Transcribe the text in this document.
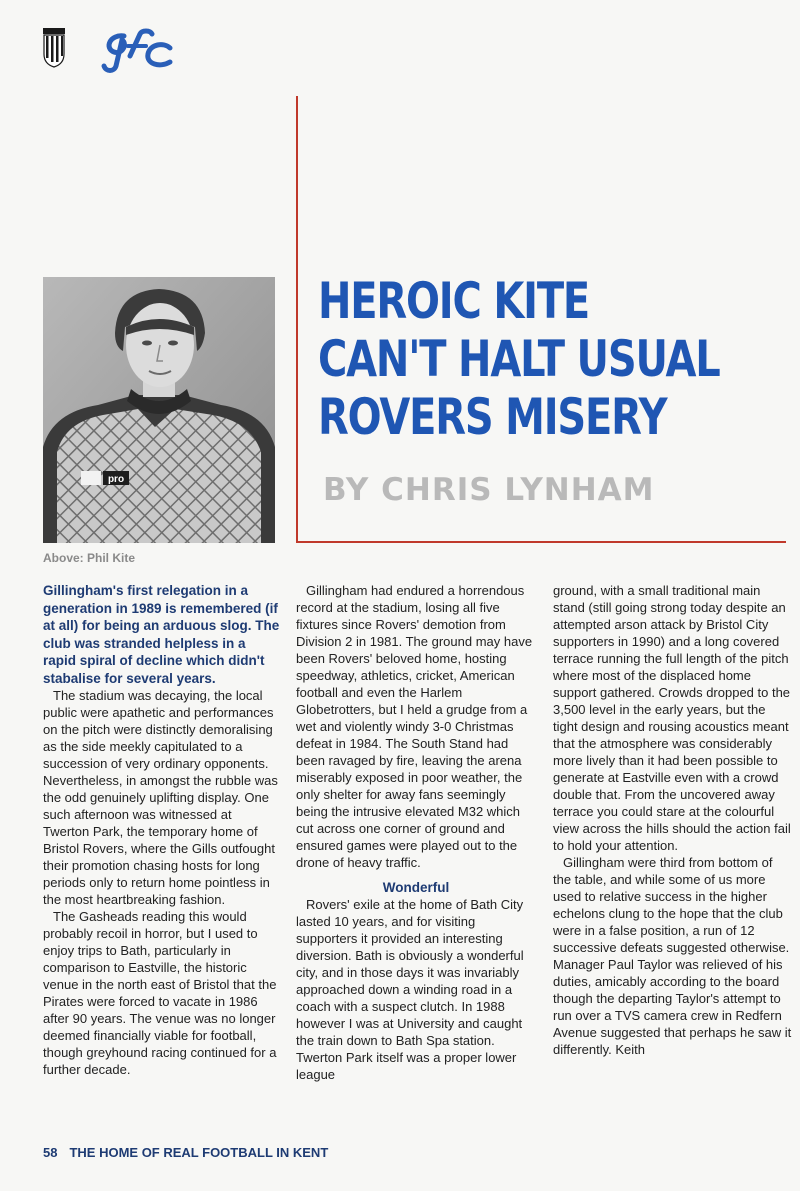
HEROIC KITE
CAN'T HALT USUAL
ROVERS MISERY

BY CHRIS LYNHAM

pro

Above: Phil Kite

Gillingham's first relegation in a generation in 1989 is remembered (if at all) for being an arduous slog. The club was stranded helpless in a rapid spiral of decline which didn't stabalise for several years.

The stadium was decaying, the local public were apathetic and performances on the pitch were distinctly demoralising as the side meekly capitulated to a succession of very ordinary opponents. Nevertheless, in amongst the rubble was the odd genuinely uplifting display. One such afternoon was witnessed at Twerton Park, the temporary home of Bristol Rovers, where the Gills outfought their promotion chasing hosts for long periods only to return home pointless in the most heartbreaking fashion.

The Gasheads reading this would probably recoil in horror, but I used to enjoy trips to Bath, particularly in comparison to Eastville, the historic venue in the north east of Bristol that the Pirates were forced to vacate in 1986 after 90 years. The venue was no longer deemed financially viable for football, though greyhound racing continued for a further decade.

Gillingham had endured a horrendous record at the stadium, losing all five fixtures since Rovers' demotion from Division 2 in 1981. The ground may have been Rovers' beloved home, hosting speedway, athletics, cricket, American football and even the Harlem Globetrotters, but I held a grudge from a wet and violently windy 3-0 Christmas defeat in 1984. The South Stand had been ravaged by fire, leaving the arena miserably exposed in poor weather, the only shelter for away fans seemingly being the intrusive elevated M32 which cut across one corner of ground and ensured games were played out to the drone of heavy traffic.

Wonderful

Rovers' exile at the home of Bath City lasted 10 years, and for visiting supporters it provided an interesting diversion. Bath is obviously a wonderful city, and in those days it was invariably approached down a winding road in a coach with a suspect clutch. In 1988 however I was at University and caught the train down to Bath Spa station. Twerton Park itself was a proper lower league

ground, with a small traditional main stand (still going strong today despite an attempted arson attack by Bristol City supporters in 1990) and a long covered terrace running the full length of the pitch where most of the displaced home support gathered. Crowds dropped to the 3,500 level in the early years, but the tight design and rousing acoustics meant that the atmosphere was considerably more lively than it had been possible to generate at Eastville even with a crowd double that. From the uncovered away terrace you could stare at the colourful view across the hills should the action fail to hold your attention.

Gillingham were third from bottom of the table, and while some of us more used to relative success in the higher echelons clung to the hope that the club were in a false position, a run of 12 successive defeats suggested otherwise. Manager Paul Taylor was relieved of his duties, amicably according to the board though the departing Taylor's attempt to run over a TVS camera crew in Redfern Avenue suggested that perhaps he saw it differently. Keith

58 THE HOME OF REAL FOOTBALL IN KENT
